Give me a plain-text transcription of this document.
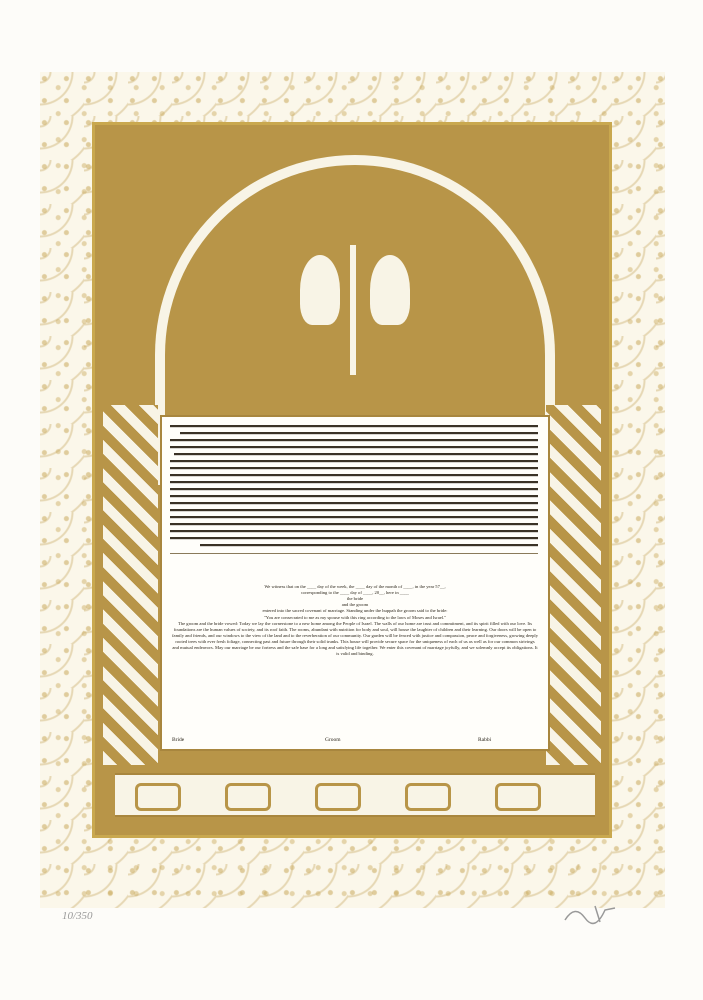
We witness that on the ____ day of the week, the ____ day of the month of ____, in the year 57__,
corresponding to the ____ day of ____, 20__, here in ____
the bride
and the groom
entered into the sacred covenant of marriage. Standing under the huppah the groom said to the bride:
"You are consecrated to me as my spouse with this ring according to the laws of Moses and Israel."
The groom and the bride vowed: Today we lay the cornerstone to a new home among the People of Israel. The walls of our home are trust and commitment, and its spirit filled with our love. Its foundations are the human values of society, and its roof faith. The rooms, abundant with nutrition for body and soul, will house the laughter of children and their learning. Our doors will be open to family and friends, and our windows to the view of the land and to the reverberation of our community. Our garden will be fenced with justice and compassion, peace and forgiveness, growing deeply rooted trees with ever fresh foliage, connecting past and future through their solid trunks. This house will provide secure space for the uniqueness of each of us as well as for our common strivings and mutual endeavors. May our marriage be our fortress and the safe base for a long and satisfying life together. We enter this covenant of marriage joyfully, and we solemnly accept its obligations. It is valid and binding.
Bride	Groom	Rabbi
10/350
